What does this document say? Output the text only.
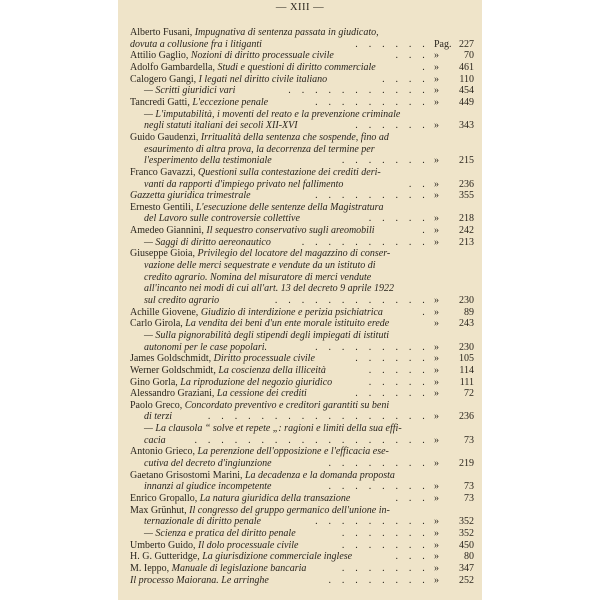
— XIII —
Alberto Fusani, Impugnativa di sentenza passata in giudicato,
. . . . . .
dovuta a collusione fra i litiganti	Pag. 227
. . .
Attilio Gaglio, Nozioni di diritto processuale civile	»	70
.
Adolfo Gambardella, Studi e questioni di diritto commerciale	» 461
. . . .
Calogero Gangi, I legati nel diritto civile italiano	» 110
. . . . . . . . . . .
— Scritti giuridici vari	» 454
. . . . . . . . .
Tancredi Gatti, L'eccezione penale	» 449
— L'imputabilità, i moventi del reato e la prevenzione criminale
. . . . . .
negli statuti italiani dei secoli XII-XVI	» 343
Guido Gaudenzi, Irritualità della sentenza che sospende, fino ad
esaurimento di altra prova, la decorrenza del termine per
. . . . . . .
l'esperimento della testimoniale	» 215
Franco Gavazzi, Questioni sulla contestazione dei crediti deri-
. .
vanti da rapporti d'impiego privato nel fallimento	» 236
. . . . . . . . .
Gazzetta giuridica trimestrale	» 355
Ernesto Gentili, L'esecuzione delle sentenze della Magistratura
. . . . .
del Lavoro sulle controversie collettive	» 218
.
Amedeo Giannini, Il sequestro conservativo sugli areomobili	» 242
. . . . . . . . . .
— Saggi di diritto aereonautico	» 213
Giuseppe Gioia, Privilegio del locatore del magazzino di conser-
vazione delle merci sequestrate e vendute da un istituto di
credito agrario. Nomina del misuratore di merci vendute
all'incanto nei modi di cui all'art. 13 del decreto 9 aprile 1922
. . . . . . . . . . . .
sul credito agrario	» 230
.
Achille Giovene, Giudizio di interdizione e perizia psichiatrica	»	89
Carlo Girola, La vendita dei beni d'un ente morale istituito erede	» 243
— Sulla pignorabilità degli stipendi degli impiegati di istituti
. . . . . . . . .
autonomi per le case popolari.	» 230
. . . . . .
James Goldschmidt, Diritto processuale civile	» 105
. . . . .
Werner Goldschmidt, La coscienza della illiceità	» 114
. . . . .
Gino Gorla, La riproduzione del negozio giuridico	» 111
. . . . . .
Alessandro Graziani, La cessione dei crediti	»	72
Paolo Greco, Concordato preventivo e creditori garantiti su beni
. . . . . . . . . . . . . . . . .
di terzi	» 236
— La clausola “ solve et repete „: ragioni e limiti della sua effi-
. . . . . . . . . . . . . . . . . .
cacia	»	73
Antonio Grieco, La perenzione dell'opposizione e l'efficacia ese-
. . . . . . . .
cutiva del decreto d'ingiunzione	» 219
Gaetano Grisostomi Marini, La decadenza e la domanda proposta
. . . . . . . .
innanzi al giudice incompetente	»	73
. . .
Enrico Gropallo, La natura giuridica della transazione	»	73
Max Grünhut, Il congresso del gruppo germanico dell'unione in-
. . . . . . . . .
ternazionale di diritto penale	» 352
. . . . . . .
— Scienza e pratica del diritto penale	» 352
. . . . . . .
Umberto Guido, Il dolo processuale civile	» 450
. . .
H. G. Gutteridge, La giurisdizione commerciale inglese	»	80
. . . . . . .
M. Ieppo, Manuale di legislazione bancaria	» 347
. . . . . . . .
Il processo Maiorana. Le arringhe	» 252
